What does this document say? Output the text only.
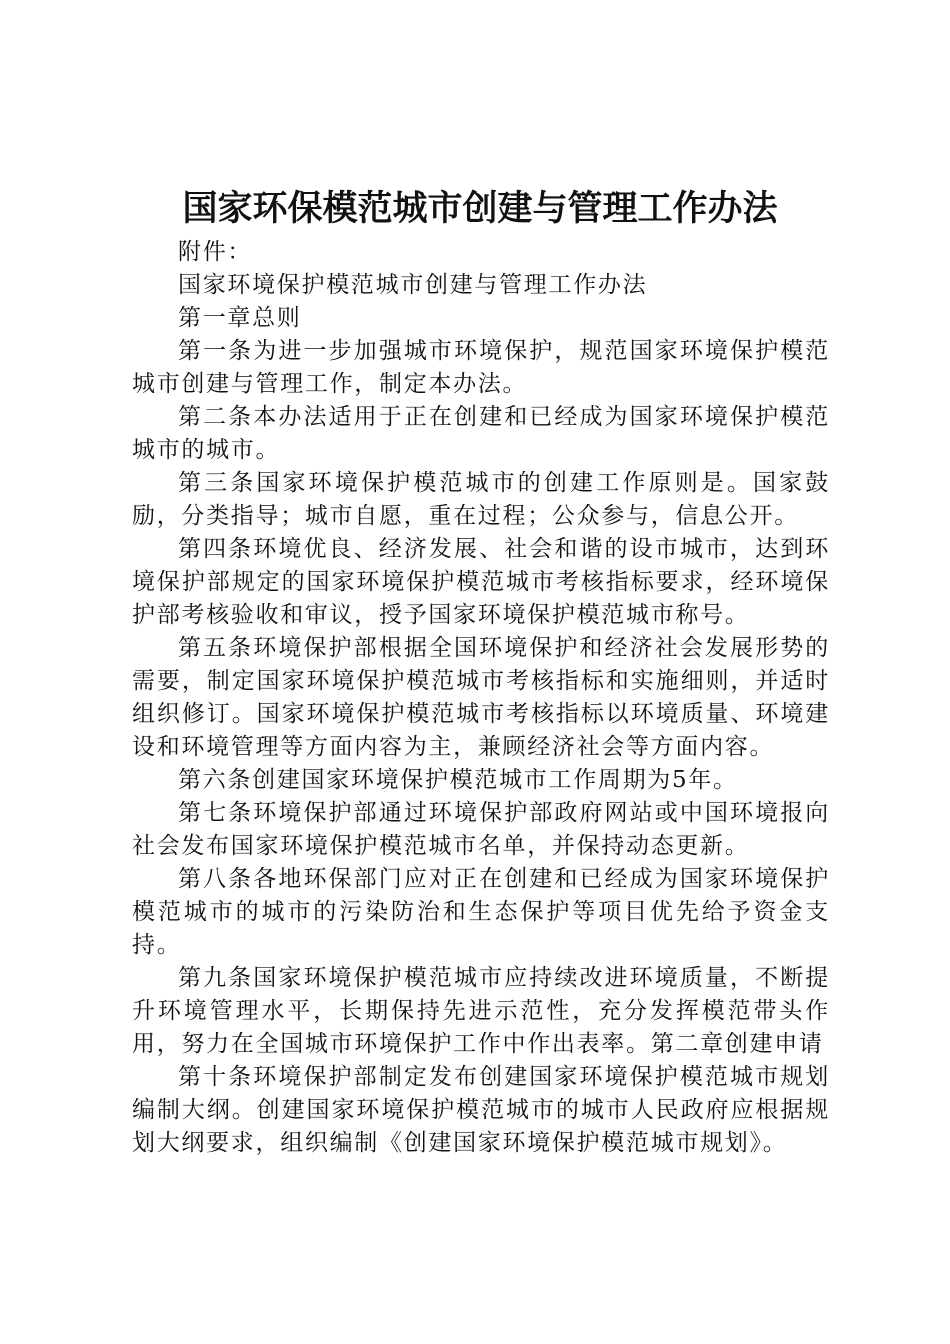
国家环保模范城市创建与管理工作办法

附件：

国家环境保护模范城市创建与管理工作办法

第一章总则

第一条为进一步加强城市环境保护，规范国家环境保护模范城市创建与管理工作，制定本办法。

第二条本办法适用于正在创建和已经成为国家环境保护模范城市的城市。

第三条国家环境保护模范城市的创建工作原则是。国家鼓励，分类指导；城市自愿，重在过程；公众参与，信息公开。

第四条环境优良、经济发展、社会和谐的设市城市，达到环境保护部规定的国家环境保护模范城市考核指标要求，经环境保护部考核验收和审议，授予国家环境保护模范城市称号。

第五条环境保护部根据全国环境保护和经济社会发展形势的需要，制定国家环境保护模范城市考核指标和实施细则，并适时组织修订。国家环境保护模范城市考核指标以环境质量、环境建设和环境管理等方面内容为主，兼顾经济社会等方面内容。

第六条创建国家环境保护模范城市工作周期为5年。

第七条环境保护部通过环境保护部政府网站或中国环境报向社会发布国家环境保护模范城市名单，并保持动态更新。

第八条各地环保部门应对正在创建和已经成为国家环境保护模范城市的城市的污染防治和生态保护等项目优先给予资金支持。

第九条国家环境保护模范城市应持续改进环境质量，不断提升环境管理水平，长期保持先进示范性，充分发挥模范带头作用，努力在全国城市环境保护工作中作出表率。第二章创建申请

第十条环境保护部制定发布创建国家环境保护模范城市规划编制大纲。创建国家环境保护模范城市的城市人民政府应根据规划大纲要求，组织编制《创建国家环境保护模范城市规划》。
